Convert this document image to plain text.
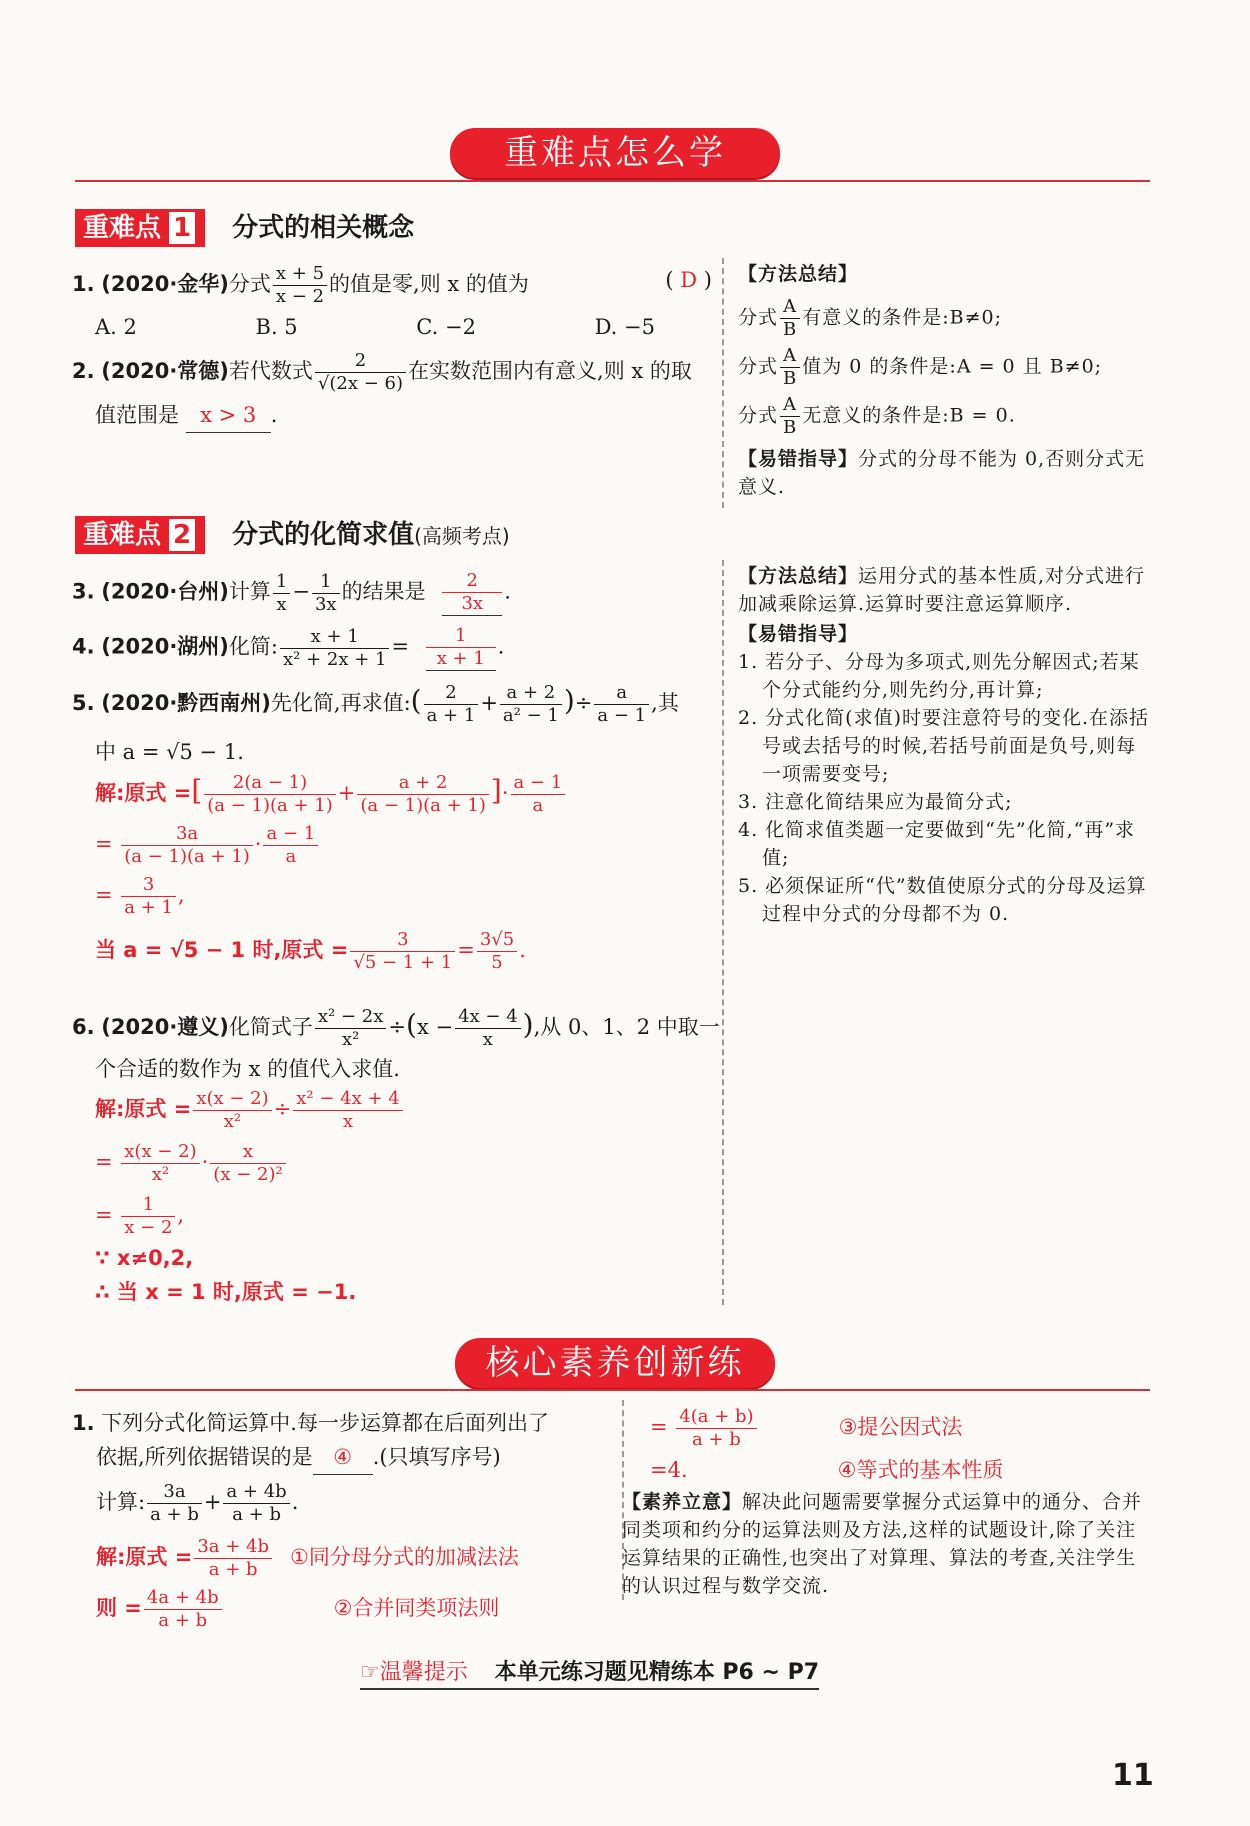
重难点怎么学
重难点 1 分式的相关概念
1. (2020·金华)分式 $\frac{x + 5}{x - 2}$ 的值是零,则 x 的值为	( D )
A. 2	B. 5	C. −2	D. −5
2. (2020·常德)若代数式 $\frac{2}{√(2x - 6)}$ 在实数范围内有意义,则 x 的取
值范围是 x > 3 .
【方法总结】
分式 $\frac{A}{B}$ 有意义的条件是:B≠0;
分式 $\frac{A}{B}$ 值为 0 的条件是:A = 0 且 B≠0;
分式 $\frac{A}{B}$ 无意义的条件是:B = 0.
【易错指导】分式的分母不能为 0,否则分式无意义.
重难点 2 分式的化简求值(高频考点)
3. (2020·台州)计算 $\frac{1}{x} - \frac{1}{3x}$ 的结果是 $\frac{2}{3x}$ .
4. (2020·湖州)化简: $\frac{x + 1}{\text{x² + 2x + 1}} = \frac{1}{x + 1}$ .
5. (2020·黔西南州)先化简,再求值:( $\frac{2}{a + 1} + \frac{a + 2}{\text{a² − 1}}$ )÷ $\frac{a}{a - 1}$ ,其
中 a = √5 − 1.
解:原式 =[ $\frac{2(a - 1)}{(a - 1)(a + 1)} + \frac{a + 2}{(a - 1)(a + 1)}$ ]· $\frac{a - 1}{a}$
= $\frac{3a}{(a - 1)(a + 1)} \cdot \frac{a - 1}{a}$
= $\frac{3}{a + 1}$ ,
当 a = √5 − 1 时,原式 = $\frac{3}{√5 - 1 + 1} = \frac{3√5}{5}$ .
6. (2020·遵义)化简式子 $\frac{\text{x² − 2x}}{\text{x²}} \div(x - \frac{4x - 4}{x}$ ),从 0、1、2 中取一
个合适的数作为 x 的值代入求值.
解:原式 = $\frac{x(x - 2)}{\text{x²}} \div \frac{\text{x² − 4x + 4}}{x}$
= $\frac{x(x - 2)}{\text{x²}} \cdot \frac{x}{\text{(x − 2)²}}$
= $\frac{1}{x - 2}$ ,
∵ x≠0,2,
∴ 当 x = 1 时,原式 = −1.
【方法总结】运用分式的基本性质,对分式进行加减乘除运算.运算时要注意运算顺序.
【易错指导】
1. 若分子、分母为多项式,则先分解因式;若某个分式能约分,则先约分,再计算;
2. 分式化简(求值)时要注意符号的变化.在添括号或去括号的时候,若括号前面是负号,则每一项需要变号;
3. 注意化简结果应为最简分式;
4. 化简求值类题一定要做到“先”化简,“再”求值;
5. 必须保证所“代”数值使原分式的分母及运算过程中分式的分母都不为 0.
核心素养创新练
1. 下列分式化简运算中.每一步运算都在后面列出了
依据,所列依据错误的是 ④ .(只填写序号)
计算: $\frac{3a}{a + b} + \frac{a + 4b}{a + b}$ .
解:原式 = $\frac{3a + 4b}{a + b}$ ①同分母分式的加减法法
则 = $\frac{4a + 4b}{a + b}$	②合并同类项法则
= $\frac{4(a + b)}{a + b}$	③提公因式法
=4.	④等式的基本性质
【素养立意】解决此问题需要掌握分式运算中的通分、合并同类项和约分的运算法则及方法,这样的试题设计,除了关注运算结果的正确性,也突出了对算理、算法的考查,关注学生的认识过程与数学交流.
☞温馨提示 本单元练习题见精练本 P6 ~ P7
11
